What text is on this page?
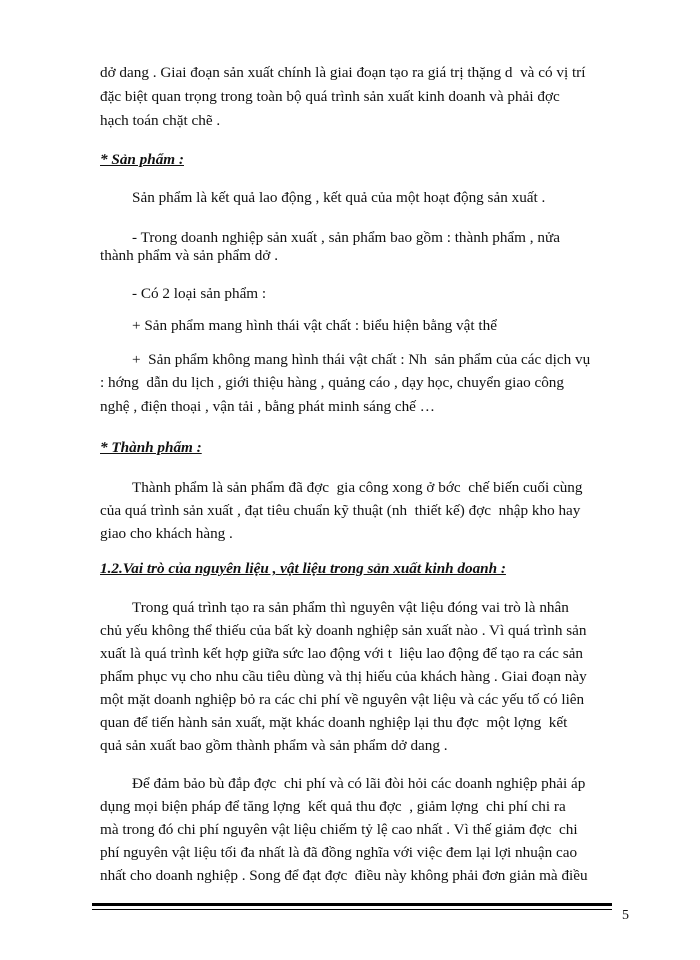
dở dang . Giai đoạn sản xuất chính là giai đoạn tạo ra giá trị thặng d  và có vị trí
đặc biệt quan trọng trong toàn bộ quá trình sản xuất kinh doanh và phải đợc
hạch toán chặt chẽ .
* Sản phẩm :
Sản phẩm là kết quả lao động , kết quả của một hoạt động sản xuất .
- Trong doanh nghiệp sản xuất , sản phẩm bao gồm : thành phẩm , nửa
thành phẩm và sản phẩm dở .
- Có 2 loại sản phẩm :
+ Sản phẩm mang hình thái vật chất : biểu hiện bằng vật thể
+  Sản phẩm không mang hình thái vật chất : Nh  sản phẩm của các dịch vụ
: hớng  dẫn du lịch , giới thiệu hàng , quảng cáo , dạy học, chuyển giao công
nghệ , điện thoại , vận tải , bằng phát minh sáng chế …
* Thành phẩm :
Thành phẩm là sản phẩm đã đợc  gia công xong ở bớc  chế biến cuối cùng
của quá trình sản xuất , đạt tiêu chuẩn kỹ thuật (nh  thiết kế) đợc  nhập kho hay
giao cho khách hàng .
1.2.Vai trò của nguyên liệu , vật liệu trong sản xuất kinh doanh :
Trong quá trình tạo ra sản phẩm thì nguyên vật liệu đóng vai trò là nhân
chủ yếu không thể thiếu của bất kỳ doanh nghiệp sản xuất nào . Vì quá trình sản
xuất là quá trình kết hợp giữa sức lao động với t  liệu lao động để tạo ra các sản
phẩm phục vụ cho nhu cầu tiêu dùng và thị hiếu của khách hàng . Giai đoạn này
một mặt doanh nghiệp bỏ ra các chi phí về nguyên vật liệu và các yếu tố có liên
quan để tiến hành sản xuất, mặt khác doanh nghiệp lại thu đợc  một lợng  kết
quả sản xuất bao gồm thành phẩm và sản phẩm dở dang .
Để đảm bảo bù đắp đợc  chi phí và có lãi đòi hỏi các doanh nghiệp phải áp
dụng mọi biện pháp để tăng lợng  kết quả thu đợc  , giảm lợng  chi phí chi ra
mà trong đó chi phí nguyên vật liệu chiếm tỷ lệ cao nhất . Vì thế giảm đợc  chi
phí nguyên vật liệu tối đa nhất là đã đồng nghĩa với việc đem lại lợi nhuận cao
nhất cho doanh nghiệp . Song để đạt đợc  điều này không phải đơn giản mà điều
5
